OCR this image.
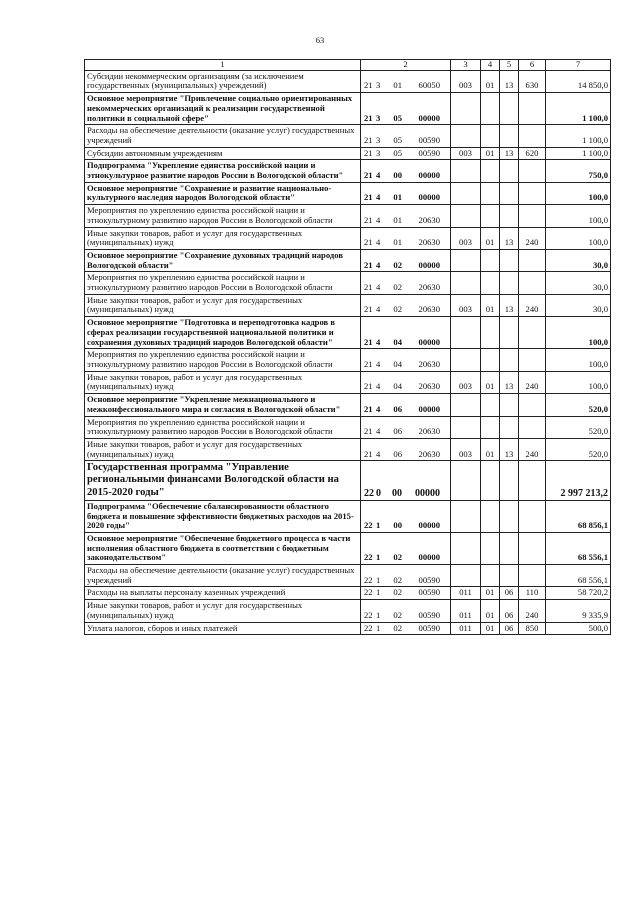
63
1	2	3	4	5	6	7
Субсидии некоммерческим организациям (за исключением государственных (муниципальных) учреждений)	21 3 01 60050	003	01	13	630	14 850,0
Основное мероприятие "Привлечение социально ориентированных некоммерческих организаций к реализации государственной политики в социальной сфере"	21 3 05 00000					1 100,0
Расходы на обеспечение деятельности (оказание услуг) государственных учреждений	21 3 05 00590					1 100,0
Субсидии автономным учреждениям	21 3 05 00590	003	01	13	620	1 100,0
Подпрограмма "Укрепление единства российской нации и этнокультурное развитие народов России в Вологодской области"	21 4 00 00000					750,0
Основное мероприятие "Сохранение и развитие национально-культурного наследия народов Вологодской области"	21 4 01 00000					100,0
Мероприятия по укреплению единства российской нации и этнокультурному развитию народов России в Вологодской области	21 4 01 20630					100,0
Иные закупки товаров, работ и услуг для государственных (муниципальных) нужд	21 4 01 20630	003	01	13	240	100,0
Основное мероприятие "Сохранение духовных традиций народов Вологодской области"	21 4 02 00000					30,0
Мероприятия по укреплению единства российской нации и этнокультурному развитию народов России в Вологодской области	21 4 02 20630					30,0
Иные закупки товаров, работ и услуг для государственных (муниципальных) нужд	21 4 02 20630	003	01	13	240	30,0
Основное мероприятие "Подготовка и переподготовка кадров в сферах реализации государственной национальной политики и сохранения духовных традиций народов Вологодской области"	21 4 04 00000					100,0
Мероприятия по укреплению единства российской нации и этнокультурному развитию народов России в Вологодской области	21 4 04 20630					100,0
Иные закупки товаров, работ и услуг для государственных (муниципальных) нужд	21 4 04 20630	003	01	13	240	100,0
Основное мероприятие "Укрепление межнационального и межконфессионального мира и согласия в Вологодской области"	21 4 06 00000					520,0
Мероприятия по укреплению единства российской нации и этнокультурному развитию народов России в Вологодской области	21 4 06 20630					520,0
Иные закупки товаров, работ и услуг для государственных (муниципальных) нужд	21 4 06 20630	003	01	13	240	520,0
Государственная программа "Управление региональными финансами Вологодской области на 2015-2020 годы"	22 0 00 00000					2 997 213,2
Подпрограмма "Обеспечение сбалансированности областного бюджета и повышение эффективности бюджетных расходов на 2015-2020 годы"	22 1 00 00000					68 856,1
Основное мероприятие "Обеспечение бюджетного процесса в части исполнения областного бюджета в соответствии с бюджетным законодательством"	22 1 02 00000					68 556,1
Расходы на обеспечение деятельности (оказание услуг) государственных учреждений	22 1 02 00590					68 556,1
Расходы на выплаты персоналу казенных учреждений	22 1 02 00590	011	01	06	110	58 720,2
Иные закупки товаров, работ и услуг для государственных (муниципальных) нужд	22 1 02 00590	011	01	06	240	9 335,9
Уплата налогов, сборов и иных платежей	22 1 02 00590	011	01	06	850	500,0
